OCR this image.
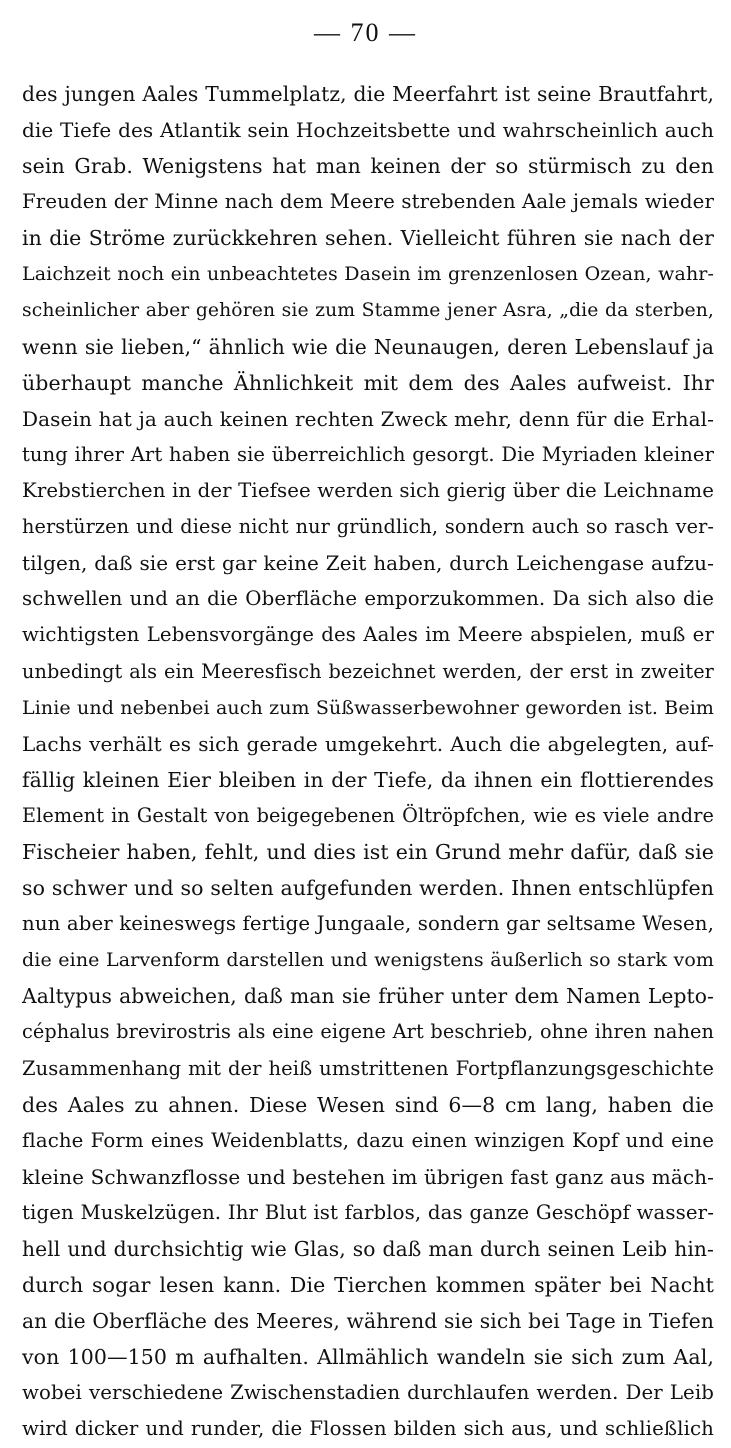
— 70 —
des jungen Aales Tummelplatz, die Meerfahrt ist seine Brautfahrt,
die Tiefe des Atlantik sein Hochzeitsbette und wahrscheinlich auch
sein Grab. Wenigstens hat man keinen der so stürmisch zu den
Freuden der Minne nach dem Meere strebenden Aale jemals wieder
in die Ströme zurückkehren sehen. Vielleicht führen sie nach der
Laichzeit noch ein unbeachtetes Dasein im grenzenlosen Ozean, wahr-
scheinlicher aber gehören sie zum Stamme jener Asra, „die da sterben,
wenn sie lieben,“ ähnlich wie die Neunaugen, deren Lebenslauf ja
überhaupt manche Ähnlichkeit mit dem des Aales aufweist. Ihr
Dasein hat ja auch keinen rechten Zweck mehr, denn für die Erhal-
tung ihrer Art haben sie überreichlich gesorgt. Die Myriaden kleiner
Krebstierchen in der Tiefsee werden sich gierig über die Leichname
herstürzen und diese nicht nur gründlich, sondern auch so rasch ver-
tilgen, daß sie erst gar keine Zeit haben, durch Leichengase aufzu-
schwellen und an die Oberfläche emporzukommen. Da sich also die
wichtigsten Lebensvorgänge des Aales im Meere abspielen, muß er
unbedingt als ein Meeresfisch bezeichnet werden, der erst in zweiter
Linie und nebenbei auch zum Süßwasserbewohner geworden ist. Beim
Lachs verhält es sich gerade umgekehrt. Auch die abgelegten, auf-
fällig kleinen Eier bleiben in der Tiefe, da ihnen ein flottierendes
Element in Gestalt von beigegebenen Öltröpfchen, wie es viele andre
Fischeier haben, fehlt, und dies ist ein Grund mehr dafür, daß sie
so schwer und so selten aufgefunden werden. Ihnen entschlüpfen
nun aber keineswegs fertige Jungaale, sondern gar seltsame Wesen,
die eine Larvenform darstellen und wenigstens äußerlich so stark vom
Aaltypus abweichen, daß man sie früher unter dem Namen Lepto-
céphalus brevirostris als eine eigene Art beschrieb, ohne ihren nahen
Zusammenhang mit der heiß umstrittenen Fortpflanzungsgeschichte
des Aales zu ahnen. Diese Wesen sind 6—8 cm lang, haben die
flache Form eines Weidenblatts, dazu einen winzigen Kopf und eine
kleine Schwanzflosse und bestehen im übrigen fast ganz aus mäch-
tigen Muskelzügen. Ihr Blut ist farblos, das ganze Geschöpf wasser-
hell und durchsichtig wie Glas, so daß man durch seinen Leib hin-
durch sogar lesen kann. Die Tierchen kommen später bei Nacht
an die Oberfläche des Meeres, während sie sich bei Tage in Tiefen
von 100—150 m aufhalten. Allmählich wandeln sie sich zum Aal,
wobei verschiedene Zwischenstadien durchlaufen werden. Der Leib
wird dicker und runder, die Flossen bilden sich aus, und schließlich
